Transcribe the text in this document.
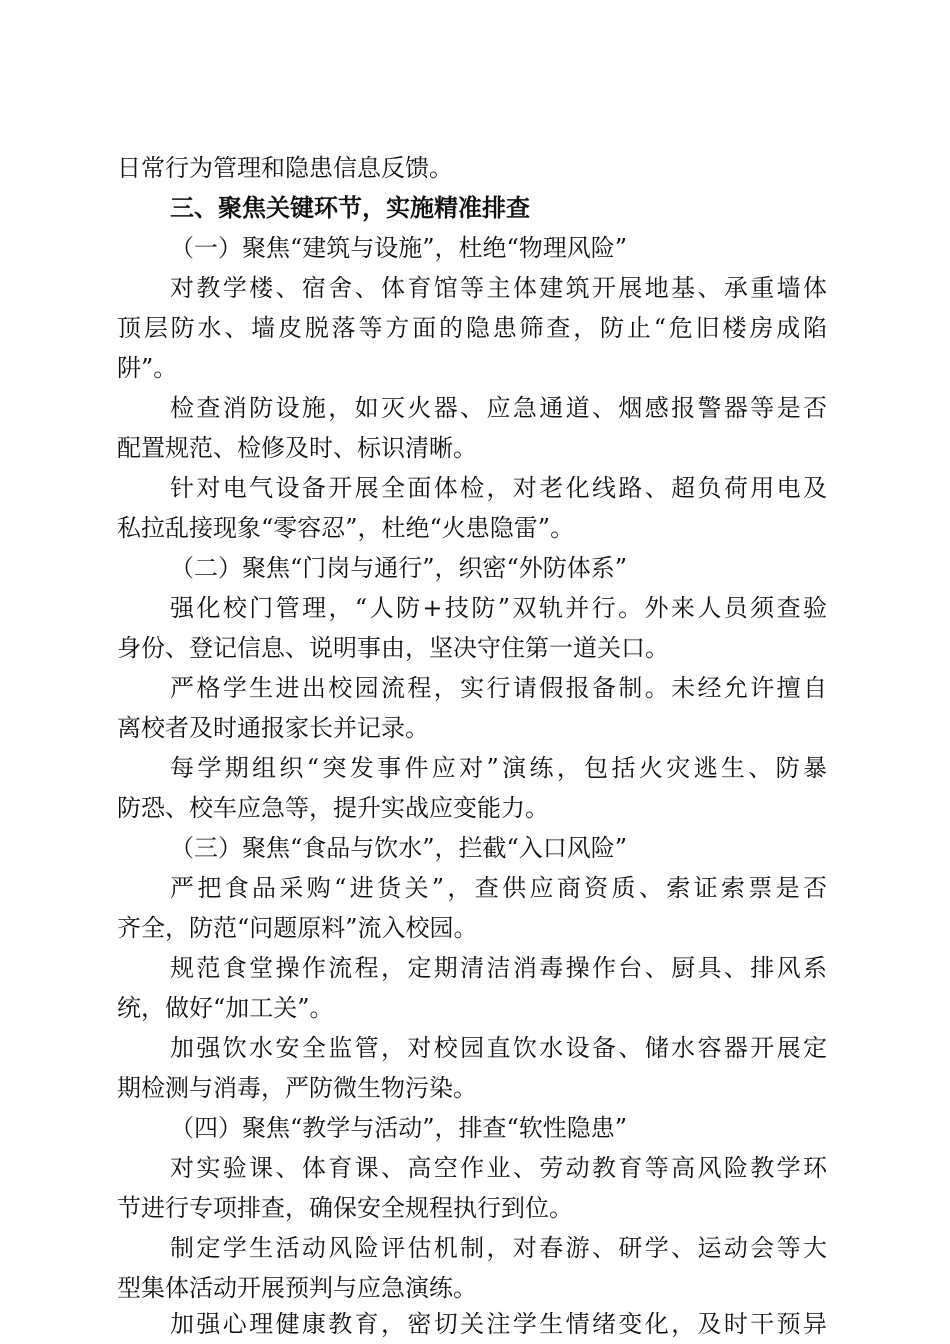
日常行为管理和隐患信息反馈。
三、聚焦关键环节，实施精准排查
（一）聚焦“建筑与设施”，杜绝“物理风险”
对教学楼、宿舍、体育馆等主体建筑开展地基、承重墙体
顶层防水、墙皮脱落等方面的隐患筛查，防止“危旧楼房成陷
阱”。
检查消防设施，如灭火器、应急通道、烟感报警器等是否
配置规范、检修及时、标识清晰。
针对电气设备开展全面体检，对老化线路、超负荷用电及
私拉乱接现象“零容忍”，杜绝“火患隐雷”。
（二）聚焦“门岗与通行”，织密“外防体系”
强化校门管理，“人防+技防”双轨并行。外来人员须查验
身份、登记信息、说明事由，坚决守住第一道关口。
严格学生进出校园流程，实行请假报备制。未经允许擅自
离校者及时通报家长并记录。
每学期组织“突发事件应对”演练，包括火灾逃生、防暴
防恐、校车应急等，提升实战应变能力。
（三）聚焦“食品与饮水”，拦截“入口风险”
严把食品采购“进货关”，查供应商资质、索证索票是否
齐全，防范“问题原料”流入校园。
规范食堂操作流程，定期清洁消毒操作台、厨具、排风系
统，做好“加工关”。
加强饮水安全监管，对校园直饮水设备、储水容器开展定
期检测与消毒，严防微生物污染。
（四）聚焦“教学与活动”，排查“软性隐患”
对实验课、体育课、高空作业、劳动教育等高风险教学环
节进行专项排查，确保安全规程执行到位。
制定学生活动风险评估机制，对春游、研学、运动会等大
型集体活动开展预判与应急演练。
加强心理健康教育，密切关注学生情绪变化，及时干预异
